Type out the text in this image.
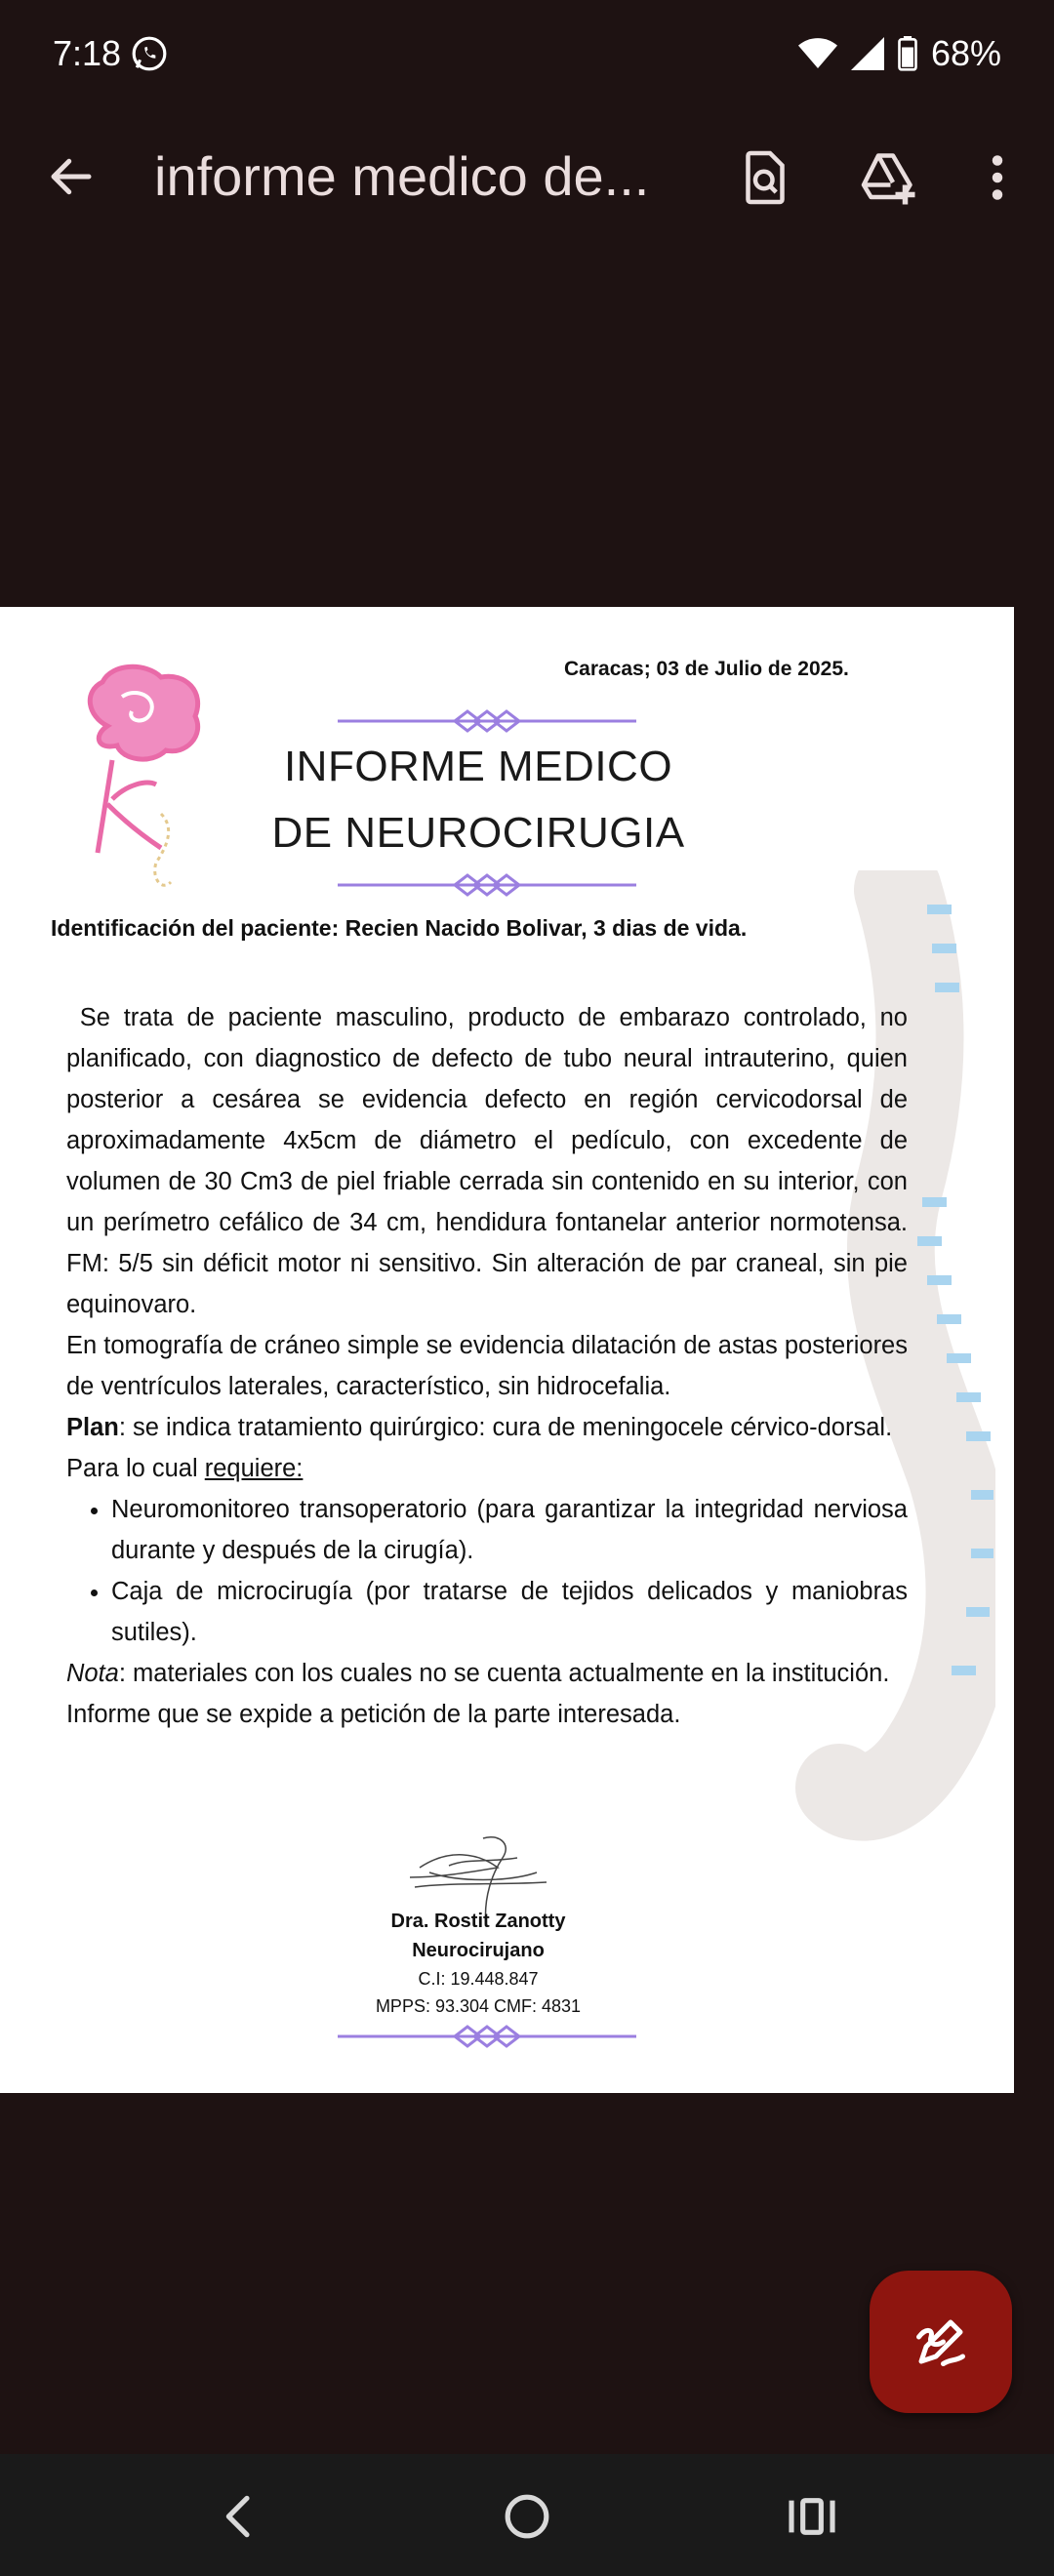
7:18	68%
informe medico de...
Caracas; 03 de Julio de 2025.
INFORME MEDICO
DE NEUROCIRUGIA
Identificación del paciente: Recien Nacido Bolivar, 3 dias de vida.

Se trata de paciente masculino, producto de embarazo controlado, no planificado, con diagnostico de defecto de tubo neural intrauterino, quien posterior a cesárea se evidencia defecto en región cervicodorsal de aproximadamente 4x5cm de diámetro el pedículo, con excedente de volumen de 30 Cm3 de piel friable cerrada sin contenido en su interior, con un perímetro cefálico de 34 cm, hendidura fontanelar anterior normotensa. FM: 5/5 sin déficit motor ni sensitivo. Sin alteración de par craneal, sin pie equinovaro.

En tomografía de cráneo simple se evidencia dilatación de astas posteriores de ventrículos laterales, característico, sin hidrocefalia.

Plan: se indica tratamiento quirúrgico: cura de meningocele cérvico-dorsal.

Para lo cual requiere:

• Neuromonitoreo transoperatorio (para garantizar la integridad nerviosa durante y después de la cirugía).
• Caja de microcirugía (por tratarse de tejidos delicados y maniobras sutiles).

Nota: materiales con los cuales no se cuenta actualmente en la institución.

Informe que se expide a petición de la parte interesada.

Dra. Rostit Zanotty
Neurocirujano
C.I: 19.448.847
MPPS: 93.304 CMF: 4831
